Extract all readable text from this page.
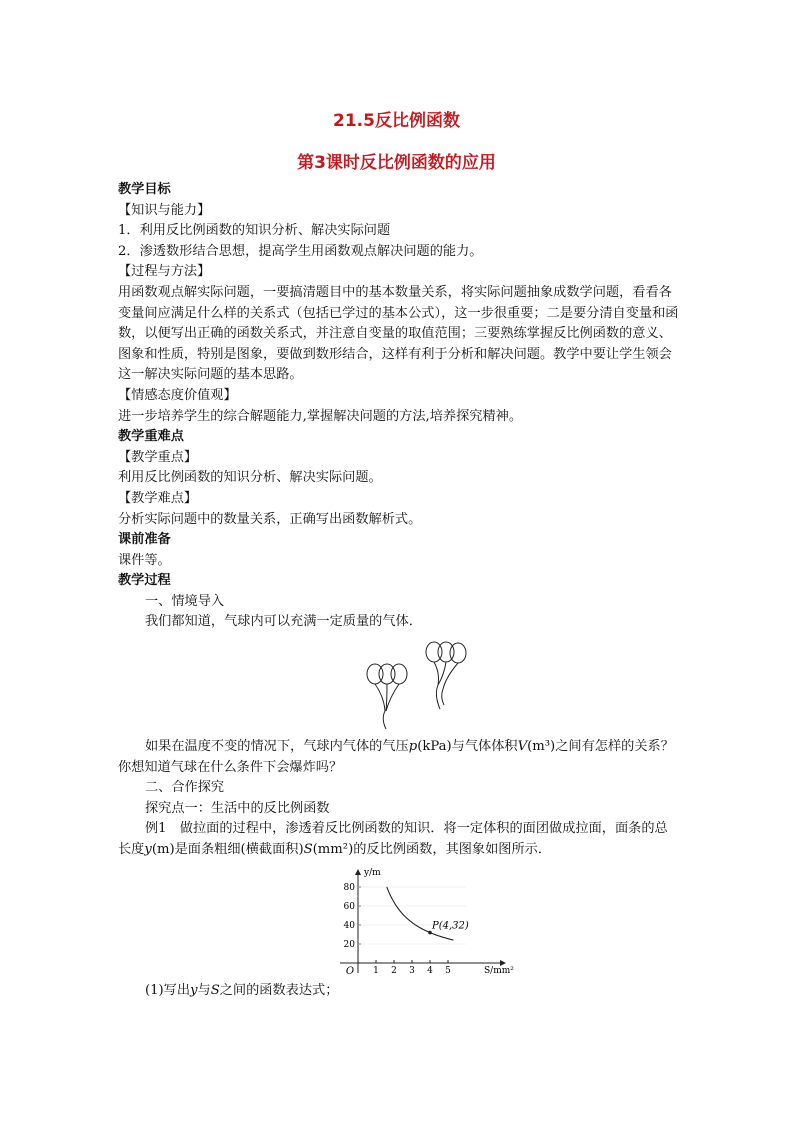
21.5反比例函数
第3课时反比例函数的应用

教学目标

【知识与能力】

1．利用反比例函数的知识分析、解决实际问题

2．渗透数形结合思想，提高学生用函数观点解决问题的能力。

【过程与方法】

用函数观点解实际问题，一要搞清题目中的基本数量关系，将实际问题抽象成数学问题，看看各变量间应满足什么样的关系式（包括已学过的基本公式），这一步很重要；二是要分清自变量和函数，以便写出正确的函数关系式，并注意自变量的取值范围；三要熟练掌握反比例函数的意义、图象和性质，特别是图象，要做到数形结合，这样有利于分析和解决问题。教学中要让学生领会这一解决实际问题的基本思路。

【情感态度价值观】

进一步培养学生的综合解题能力,掌握解决问题的方法,培养探究精神。

教学重难点

【教学重点】

利用反比例函数的知识分析、解决实际问题。

【教学难点】

分析实际问题中的数量关系，正确写出函数解析式。

课前准备

课件等。

教学过程

一、情境导入

我们都知道，气球内可以充满一定质量的气体．

如果在温度不变的情况下，气球内气体的气压p(kPa)与气体体积V(m³)之间有怎样的关系？你想知道气球在什么条件下会爆炸吗？

二、合作探究

探究点一：生活中的反比例函数

例1　做拉面的过程中，渗透着反比例函数的知识．将一定体积的面团做成拉面，面条的总长度y(m)是面条粗细(横截面积)S(mm²)的反比例函数，其图象如图所示．

O
y/m
S/mm²
1 2 3 4 5
20
40
60
80
P(4,32)

(1)写出y与S之间的函数表达式；
